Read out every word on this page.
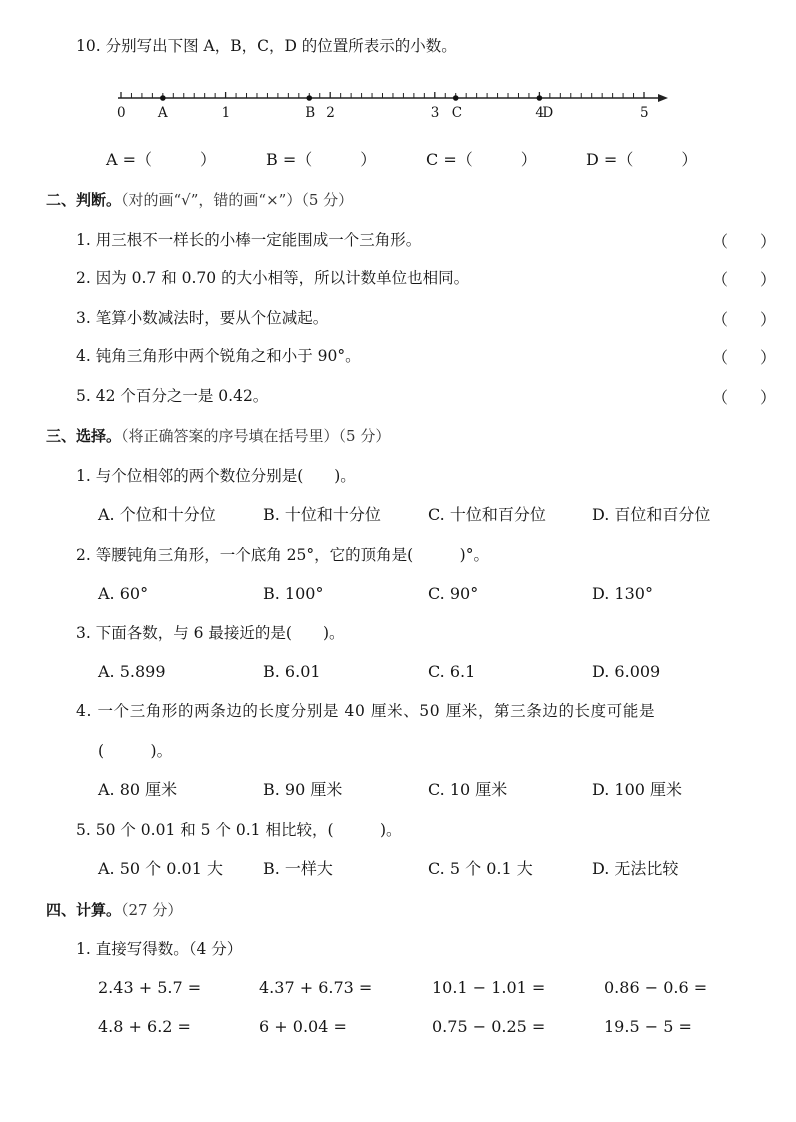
10. 分别写出下图 A，B，C，D 的位置所表示的小数。
0	1	2	3	4	5
A	B	C	D
A =（　　　）	B =（　　　）	C =（　　　）	D =（　　　）
二、判断。（对的画“√”，错的画“×”）（5 分）
1. 用三根不一样长的小棒一定能围成一个三角形。	（　　）
2. 因为 0.7 和 0.70 的大小相等，所以计数单位也相同。	（　　）
3. 笔算小数减法时，要从个位减起。	（　　）
4. 钝角三角形中两个锐角之和小于 90°。	（　　）
5. 42 个百分之一是 0.42。	（　　）
三、选择。（将正确答案的序号填在括号里）（5 分）
1. 与个位相邻的两个数位分别是(　　)。
A. 个位和十分位	B. 十位和十分位	C. 十位和百分位	D. 百位和百分位
2. 等腰钝角三角形，一个底角 25°，它的顶角是(　　　)°。
A. 60°	B. 100°	C. 90°	D. 130°
3. 下面各数，与 6 最接近的是(　　)。
A. 5.899	B. 6.01	C. 6.1	D. 6.009
4. 一个三角形的两条边的长度分别是 40 厘米、50 厘米，第三条边的长度可能是
(　　　)。
A. 80 厘米	B. 90 厘米	C. 10 厘米	D. 100 厘米
5. 50 个 0.01 和 5 个 0.1 相比较，(　　　)。
A. 50 个 0.01 大	B. 一样大	C. 5 个 0.1 大	D. 无法比较
四、计算。（27 分）
1. 直接写得数。（4 分）
2.43 + 5.7 =	4.37 + 6.73 =	10.1 − 1.01 =	0.86 − 0.6 =
4.8 + 6.2 =	6 + 0.04 =	0.75 − 0.25 =	19.5 − 5 =
